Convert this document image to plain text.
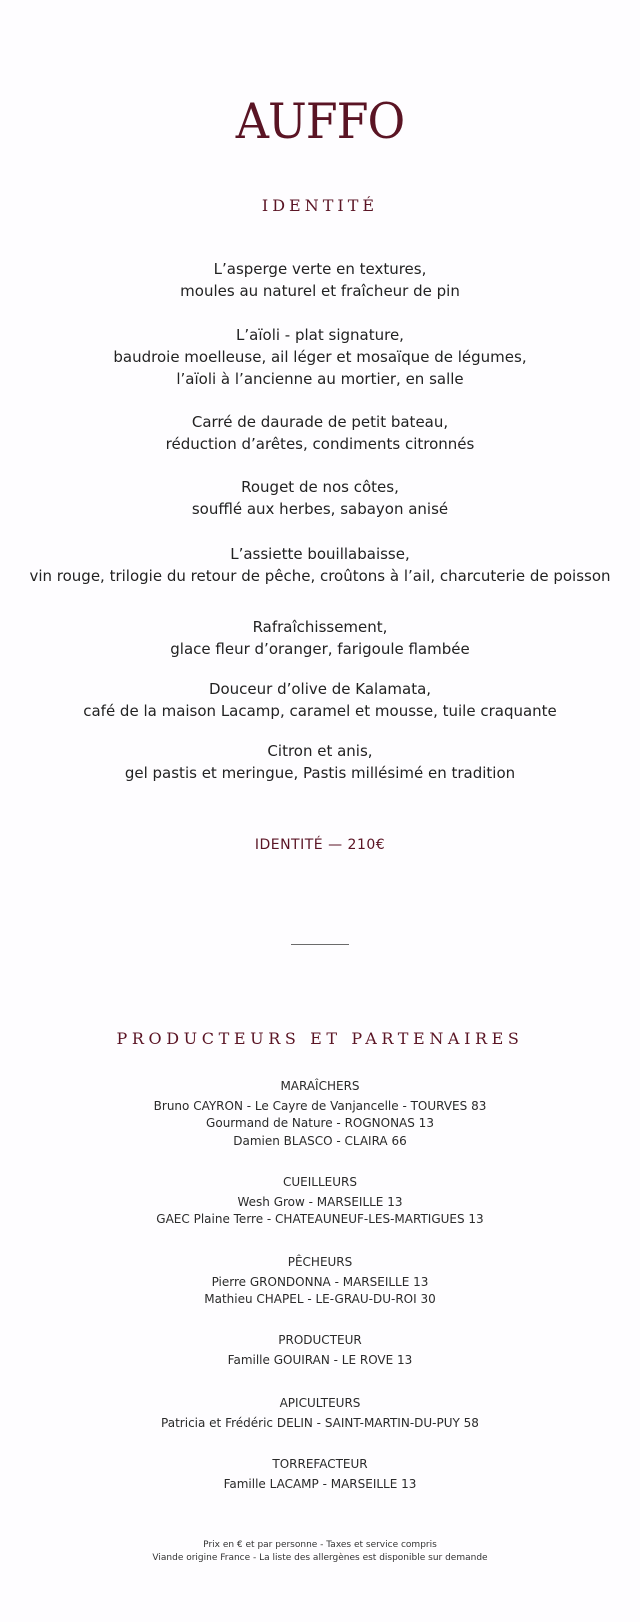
AUFFO
IDENTITÉ
L’asperge verte en textures,
moules au naturel et fraîcheur de pin
L’aïoli - plat signature,
baudroie moelleuse, ail léger et mosaïque de légumes,
l’aïoli à l’ancienne au mortier, en salle
Carré de daurade de petit bateau,
réduction d’arêtes, condiments citronnés
Rouget de nos côtes,
soufflé aux herbes, sabayon anisé
L’assiette bouillabaisse,
vin rouge, trilogie du retour de pêche, croûtons à l’ail, charcuterie de poisson
Rafraîchissement,
glace fleur d’oranger, farigoule flambée
Douceur d’olive de Kalamata,
café de la maison Lacamp, caramel et mousse, tuile craquante
Citron et anis,
gel pastis et meringue, Pastis millésimé en tradition
IDENTITÉ — 210€
PRODUCTEURS ET PARTENAIRES
MARAÎCHERS
Bruno CAYRON - Le Cayre de Vanjancelle - TOURVES 83
Gourmand de Nature - ROGNONAS 13
Damien BLASCO - CLAIRA 66
CUEILLEURS
Wesh Grow - MARSEILLE 13
GAEC Plaine Terre - CHATEAUNEUF-LES-MARTIGUES 13
PÊCHEURS
Pierre GRONDONNA - MARSEILLE 13
Mathieu CHAPEL - LE-GRAU-DU-ROI 30
PRODUCTEUR
Famille GOUIRAN - LE ROVE 13
APICULTEURS
Patricia et Frédéric DELIN - SAINT-MARTIN-DU-PUY 58
TORREFACTEUR
Famille LACAMP - MARSEILLE 13
Prix en € et par personne - Taxes et service compris
Viande origine France - La liste des allergènes est disponible sur demande
